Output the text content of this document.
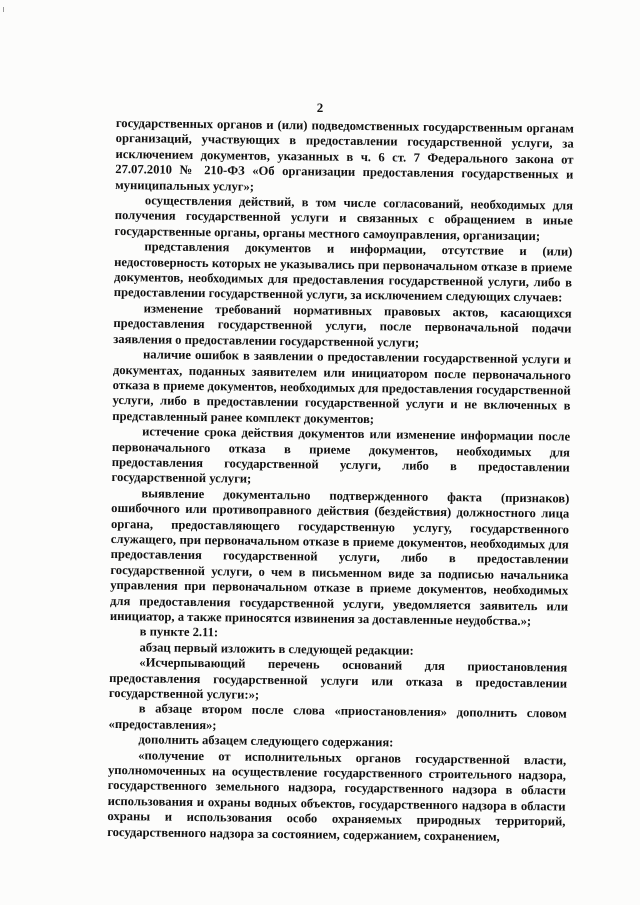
2

государственных органов и (или) подведомственных государственным органам организаций, участвующих в предоставлении государственной услуги, за исключением документов, указанных в ч. 6 ст. 7 Федерального закона от 27.07.2010 № 210-ФЗ «Об организации предоставления государственных и муниципальных услуг»;

осуществления действий, в том числе согласований, необходимых для получения государственной услуги и связанных с обращением в иные государственные органы, органы местного самоуправления, организации;

представления документов и информации, отсутствие и (или) недостоверность которых не указывались при первоначальном отказе в приеме документов, необходимых для предоставления государственной услуги, либо в предоставлении государственной услуги, за исключением следующих случаев:

изменение требований нормативных правовых актов, касающихся предоставления государственной услуги, после первоначальной подачи заявления о предоставлении государственной услуги;

наличие ошибок в заявлении о предоставлении государственной услуги и документах, поданных заявителем или инициатором после первоначального отказа в приеме документов, необходимых для предоставления государственной услуги, либо в предоставлении государственной услуги и не включенных в представленный ранее комплект документов;

истечение срока действия документов или изменение информации после первоначального отказа в приеме документов, необходимых для предоставления государственной услуги, либо в предоставлении государственной услуги;

выявление документально подтвержденного факта (признаков) ошибочного или противоправного действия (бездействия) должностного лица органа, предоставляющего государственную услугу, государственного служащего, при первоначальном отказе в приеме документов, необходимых для предоставления государственной услуги, либо в предоставлении государственной услуги, о чем в письменном виде за подписью начальника управления при первоначальном отказе в приеме документов, необходимых для предоставления государственной услуги, уведомляется заявитель или инициатор, а также приносятся извинения за доставленные неудобства.»;

в пункте 2.11:

абзац первый изложить в следующей редакции:

«Исчерпывающий перечень оснований для приостановления предоставления государственной услуги или отказа в предоставлении государственной услуги:»;

в абзаце втором после слова «приостановления» дополнить словом «предоставления»;

дополнить абзацем следующего содержания:

«получение от исполнительных органов государственной власти, уполномоченных на осуществление государственного строительного надзора, государственного земельного надзора, государственного надзора в области использования и охраны водных объектов, государственного надзора в области охраны и использования особо охраняемых природных территорий, государственного надзора за состоянием, содержанием, сохранением,
